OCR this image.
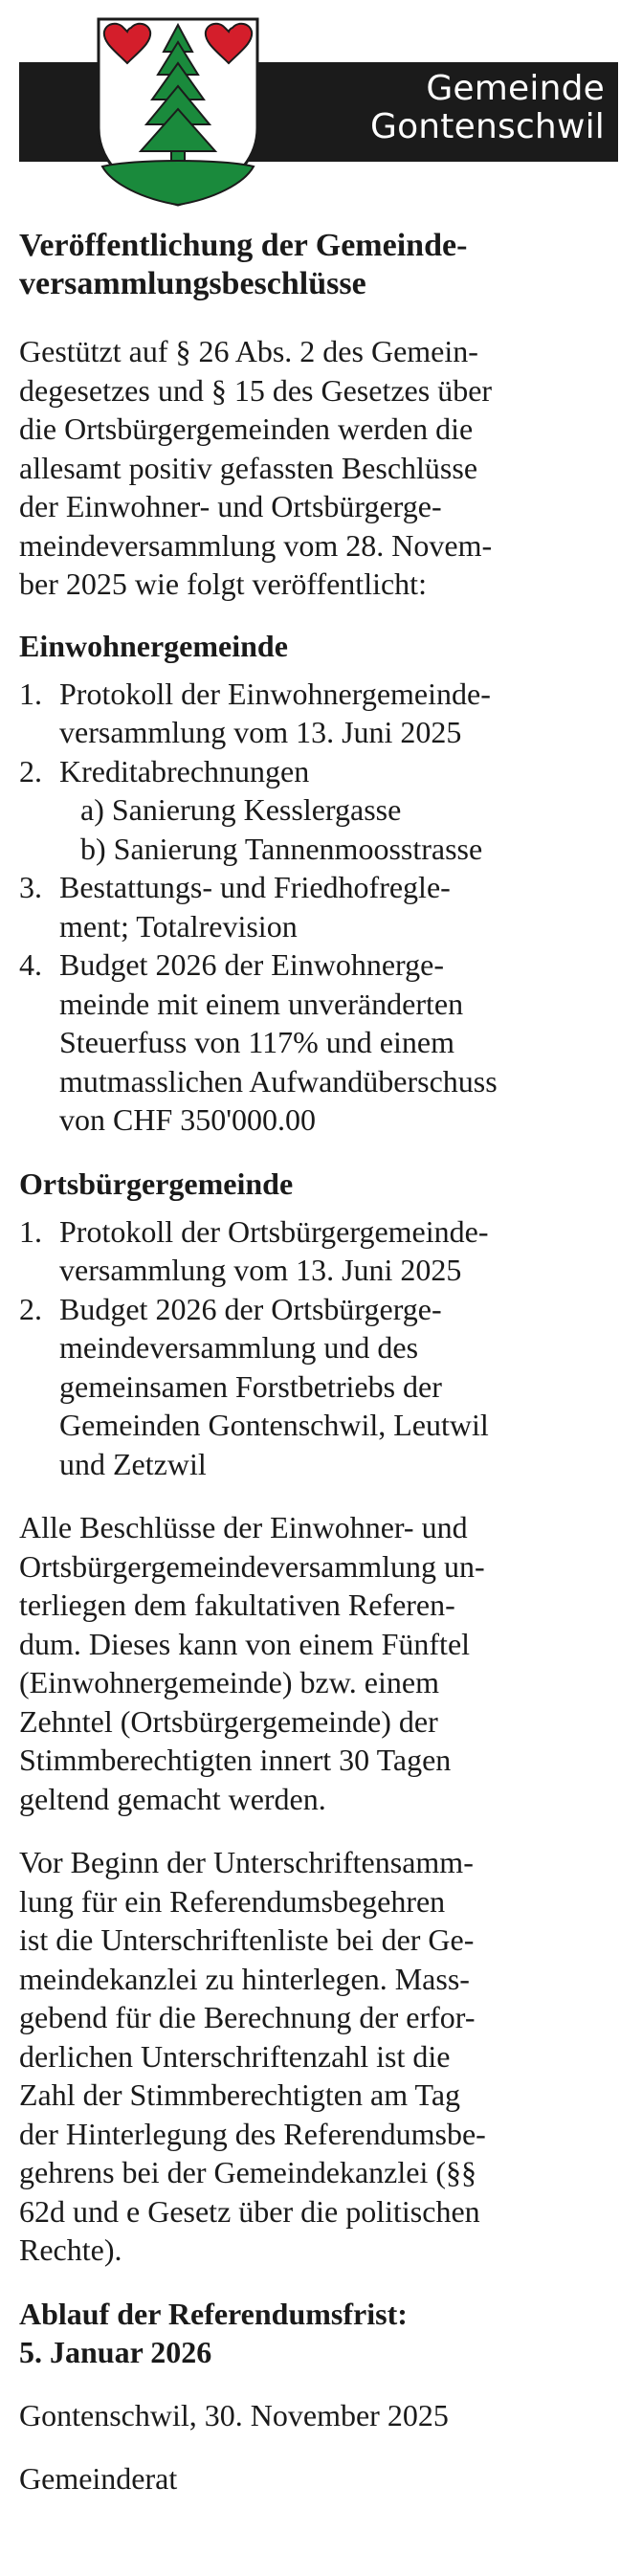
Gemeinde
Gontenschwil
Veröffentlichung der Gemeinde-
versammlungsbeschlüsse
Gestützt auf § 26 Abs. 2 des Gemein-
degesetzes und § 15 des Gesetzes über
die Ortsbürgergemeinden werden die
allesamt positiv gefassten Beschlüsse
der Einwohner- und Ortsbürgerge-
meindeversammlung vom 28. Novem-
ber 2025 wie folgt veröffentlicht:
Einwohnergemeinde
1. Protokoll der Einwohnergemeinde-
versammlung vom 13. Juni 2025
2. Kreditabrechnungen
a) Sanierung Kesslergasse
b) Sanierung Tannenmoosstrasse
3. Bestattungs- und Friedhofregle-
ment; Totalrevision
4. Budget 2026 der Einwohnerge-
meinde mit einem unveränderten
Steuerfuss von 117% und einem
mutmasslichen Aufwandüberschuss
von CHF 350'000.00
Ortsbürgergemeinde
1. Protokoll der Ortsbürgergemeinde-
versammlung vom 13. Juni 2025
2. Budget 2026 der Ortsbürgerge-
meindeversammlung und des
gemeinsamen Forstbetriebs der
Gemeinden Gontenschwil, Leutwil
und Zetzwil
Alle Beschlüsse der Einwohner- und
Ortsbürgergemeindeversammlung un-
terliegen dem fakultativen Referen-
dum. Dieses kann von einem Fünftel
(Einwohnergemeinde) bzw. einem
Zehntel (Ortsbürgergemeinde) der
Stimmberechtigten innert 30 Tagen
geltend gemacht werden.
Vor Beginn der Unterschriftensamm-
lung für ein Referendumsbegehren
ist die Unterschriftenliste bei der Ge-
meindekanzlei zu hinterlegen. Mass-
gebend für die Berechnung der erfor-
derlichen Unterschriftenzahl ist die
Zahl der Stimmberechtigten am Tag
der Hinterlegung des Referendumsbe-
gehrens bei der Gemeindekanzlei (§§
62d und e Gesetz über die politischen
Rechte).
Ablauf der Referendumsfrist:
5. Januar 2026
Gontenschwil, 30. November 2025
Gemeinderat
